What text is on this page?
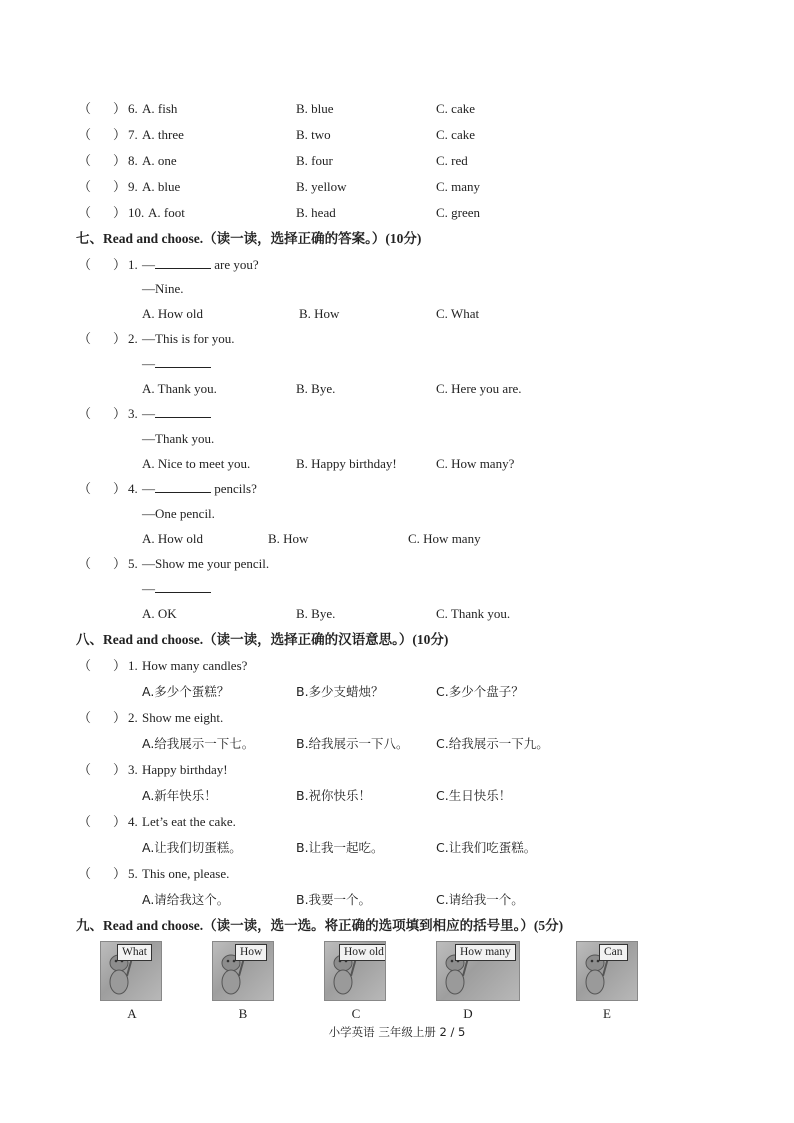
（ ） 6. A. fish	B. blue	C. cake
（ ） 7. A. three	B. two	C. cake
（ ） 8. A. one	B. four	C. red
（ ） 9. A. blue	B. yellow	C. many
（ ） 10. A. foot	B. head	C. green
七、Read and choose.（读一读，选择正确的答案。）(10分)
（ ） 1. —	are you?
—Nine.
A. How old	B. How	C. What
（ ） 2. —This is for you.
—
A. Thank you.	B. Bye.	C. Here you are.
（ ） 3. —
—Thank you.
A. Nice to meet you.	B. Happy birthday!	C. How many?
（ ） 4. —	pencils?
—One pencil.
A. How old	B. How	C. How many
（ ） 5. —Show me your pencil.
—
A. OK	B. Bye.	C. Thank you.
八、Read and choose.（读一读，选择正确的汉语意思。）(10分)
（ ） 1. How many candles?
A.多少个蛋糕？	B.多少支蜡烛？	C.多少个盘子？
（ ） 2. Show me eight.
A.给我展示一下七。	B.给我展示一下八。 C.给我展示一下九。
（ ） 3. Happy birthday!
A.新年快乐！	B.祝你快乐！	C.生日快乐！
（ ） 4. Let’s eat the cake.
A.让我们切蛋糕。	B.让我一起吃。	C.让我们吃蛋糕。
（ ） 5. This one, please.
A.请给我这个。	B.我要一个。	C.请给我一个。
九、Read and choose.（读一读，选一选。将正确的选项填到相应的括号里。）(5分)
What	How	How old	How many	Can
A	B	C	D	E
小学英语 三年级上册 2 / 5
